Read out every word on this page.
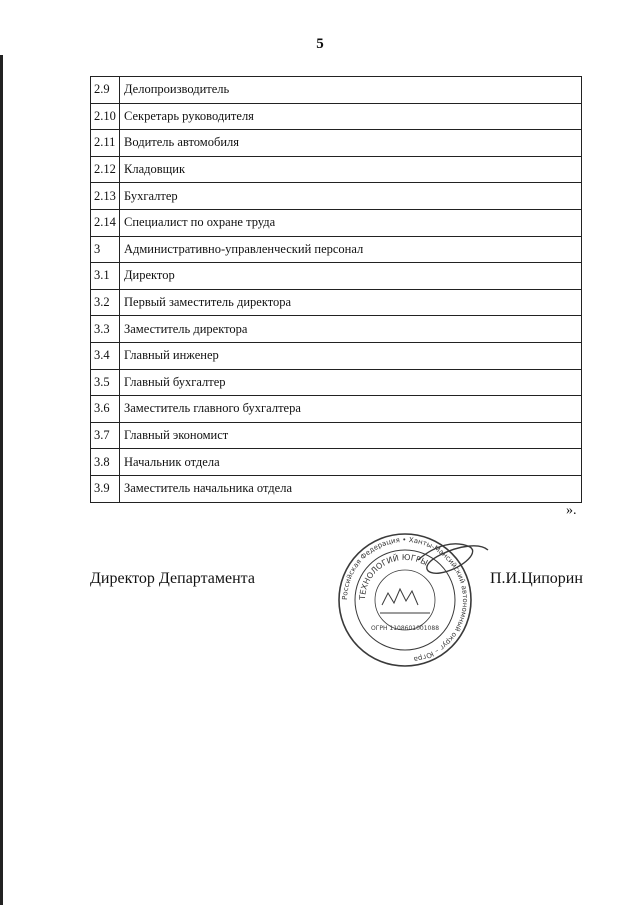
5
2.9	Делопроизводитель
2.10	Секретарь руководителя
2.11	Водитель автомобиля
2.12	Кладовщик
2.13	Бухгалтер
2.14	Специалист по охране труда
3	Административно-управленческий персонал
3.1	Директор
3.2	Первый заместитель директора
3.3	Заместитель директора
3.4	Главный инженер
3.5	Главный бухгалтер
3.6	Заместитель главного бухгалтера
3.7	Главный экономист
3.8	Начальник отдела
3.9	Заместитель начальника отдела
».
Директор Департамента
Российская Федерация • Ханты-Мансийский автономный округ – Югра
ТЕХНОЛОГИЙ ЮГРЫ
ОГРН 1108601001088
П.И.Ципорин
